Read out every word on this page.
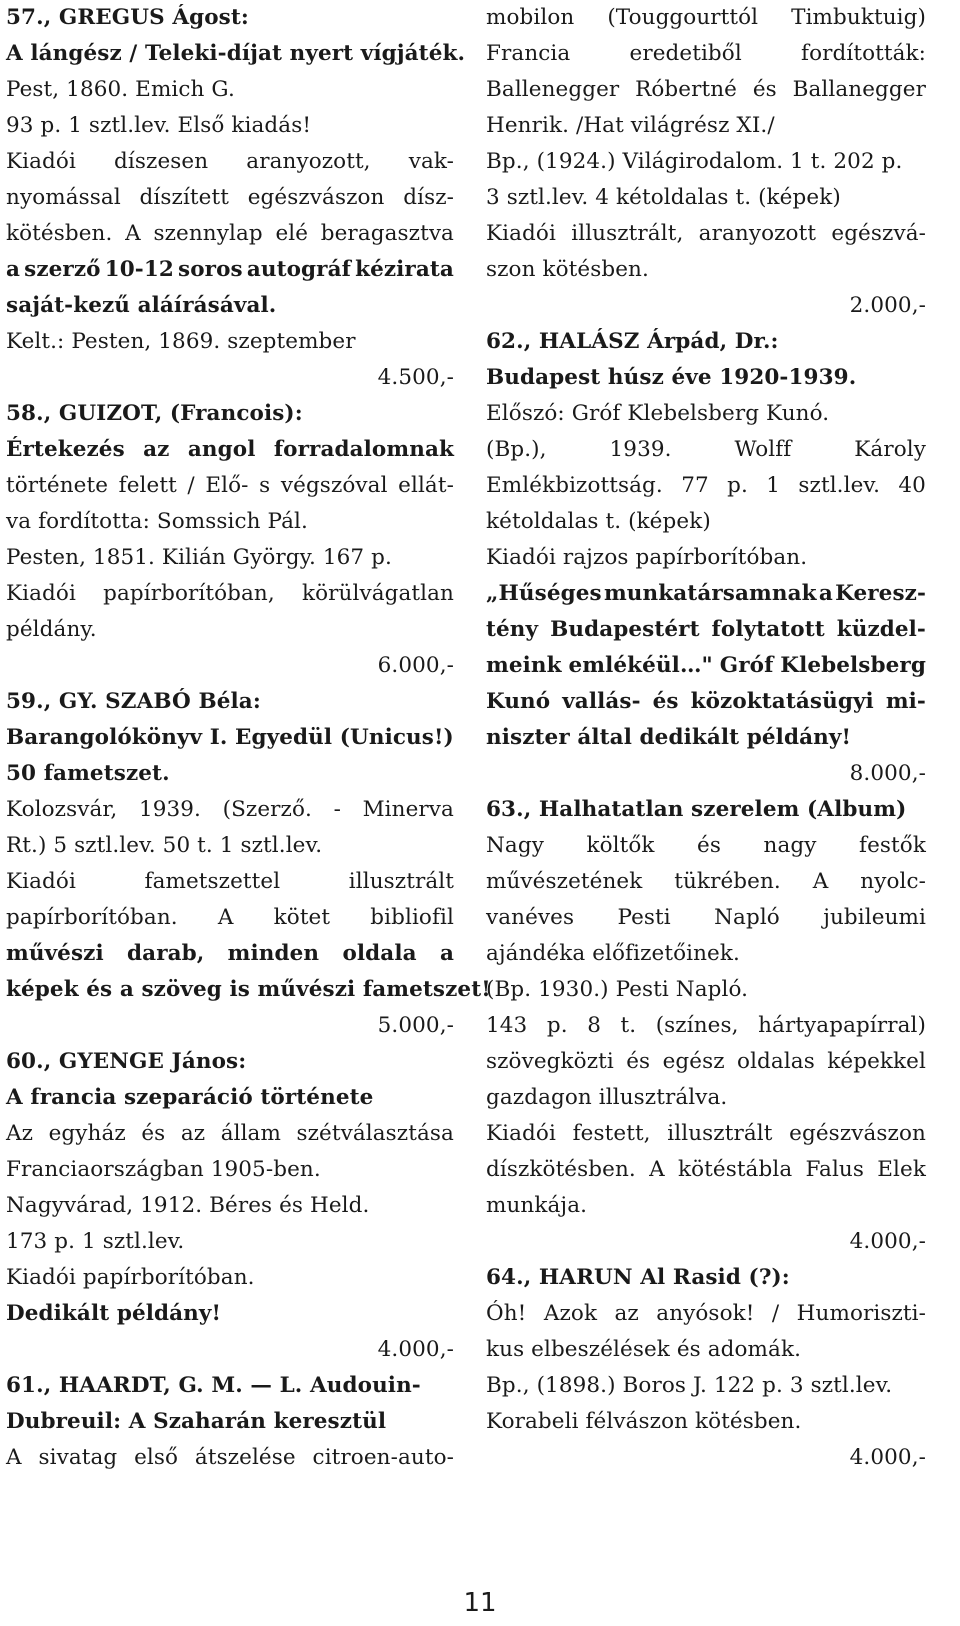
57., GREGUS Ágost:
A lángész / Teleki-díjat nyert vígjáték.
Pest, 1860. Emich G.
93 p. 1 sztl.lev. Első kiadás!
Kiadói díszesen aranyozott, vak-
nyomással díszített egészvászon dísz-
kötésben. A szennylap elé beragasztva
a szerző 10-12 soros autográf kézirata
saját-kezű aláírásával.
Kelt.: Pesten, 1869. szeptember
4.500,-
58., GUIZOT, (Francois):
Értekezés az angol forradalomnak
története felett / Elő- s végszóval ellát-
va fordította: Somssich Pál.
Pesten, 1851. Kilián György. 167 p.
Kiadói papírborítóban, körülvágatlan
példány.
6.000,-
59., GY. SZABÓ Béla:
Barangolókönyv I. Egyedül (Unicus!)
50 fametszet.
Kolozsvár, 1939. (Szerző. - Minerva
Rt.) 5 sztl.lev. 50 t. 1 sztl.lev.
Kiadói	fametszettel	illusztrált
papírborítóban. A kötet bibliofil
művészi darab, minden oldala a
képek és a szöveg is művészi fametszet!
5.000,-
60., GYENGE János:
A francia szeparáció története
Az egyház és az állam szétválasztása
Franciaországban 1905-ben.
Nagyvárad, 1912. Béres és Held.
173 p. 1 sztl.lev.
Kiadói papírborítóban.
Dedikált példány!
4.000,-
61., HAARDT, G. M. — L. Audouin-
Dubreuil: A Szaharán keresztül
A sivatag első átszelése citroen-auto-
mobilon (Touggourttól Timbuktuig)
Francia	eredetiből	fordították:
Ballenegger Róbertné és Ballanegger
Henrik. /Hat világrész XI./
Bp., (1924.) Világirodalom. 1 t. 202 p.
3 sztl.lev. 4 kétoldalas t. (képek)
Kiadói illusztrált, aranyozott egészvá-
szon kötésben.
2.000,-
62., HALÁSZ Árpád, Dr.:
Budapest húsz éve 1920-1939.
Előszó: Gróf Klebelsberg Kunó.
(Bp.),	1939.	Wolff	Károly
Emlékbizottság. 77 p. 1 sztl.lev. 40
kétoldalas t. (képek)
Kiadói rajzos papírborítóban.
„Hűséges munkatársamnak a Keresz-
tény Budapestért folytatott küzdel-
meink emlékéül…" Gróf Klebelsberg
Kunó vallás- és közoktatásügyi mi-
niszter által dedikált példány!
8.000,-
63., Halhatatlan szerelem (Album)
Nagy költők és nagy festők
művészetének tükrében. A nyolc-
vanéves Pesti Napló jubileumi
ajándéka előfizetőinek.
(Bp. 1930.) Pesti Napló.
143 p. 8 t. (színes, hártyapapírral)
szövegközti és egész oldalas képekkel
gazdagon illusztrálva.
Kiadói festett, illusztrált egészvászon
díszkötésben. A kötéstábla Falus Elek
munkája.
4.000,-
64., HARUN Al Rasid (?):
Óh! Azok az anyósok! / Humoriszti-
kus elbeszélések és adomák.
Bp., (1898.) Boros J. 122 p. 3 sztl.lev.
Korabeli félvászon kötésben.
4.000,-
11
